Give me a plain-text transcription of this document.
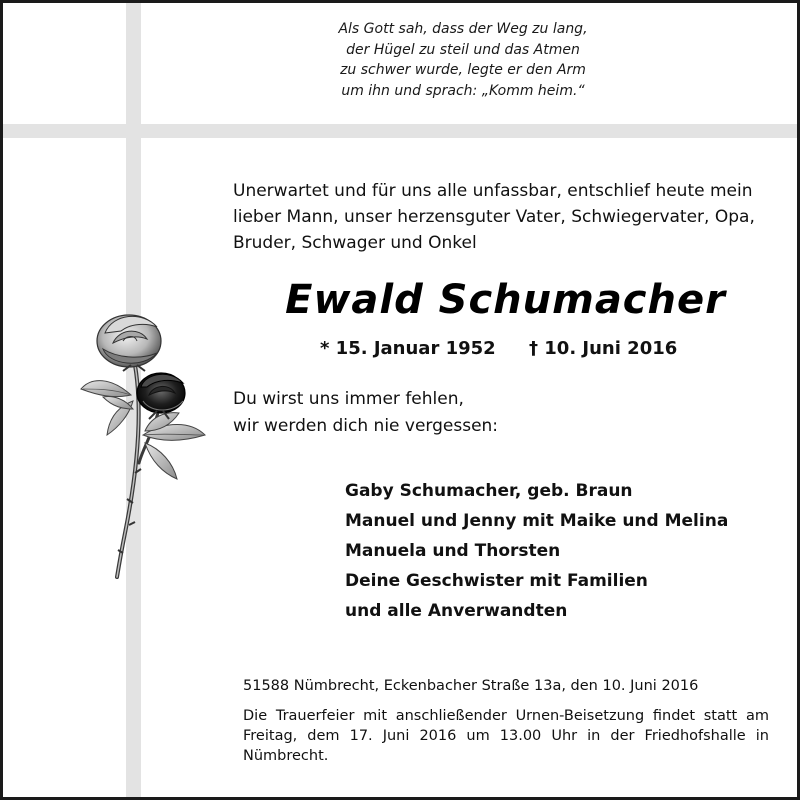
Als Gott sah, dass der Weg zu lang,
der Hügel zu steil und das Atmen
zu schwer wurde, legte er den Arm
um ihn und sprach: „Komm heim.“
Unerwartet und für uns alle unfassbar, entschlief heute mein
lieber Mann, unser herzensguter Vater, Schwiegervater, Opa,
Bruder, Schwager und Onkel
Ewald Schumacher
* 15. Januar 1952 † 10. Juni 2016
Du wirst uns immer fehlen,
wir werden dich nie vergessen:
Gaby Schumacher, geb. Braun
Manuel und Jenny mit Maike und Melina
Manuela und Thorsten
Deine Geschwister mit Familien
und alle Anverwandten
51588 Nümbrecht, Eckenbacher Straße 13a, den 10. Juni 2016
Die Trauerfeier mit anschließender Urnen-Beisetzung findet statt am Freitag, dem 17. Juni 2016 um 13.00 Uhr in der Friedhofshalle in Nümbrecht.
